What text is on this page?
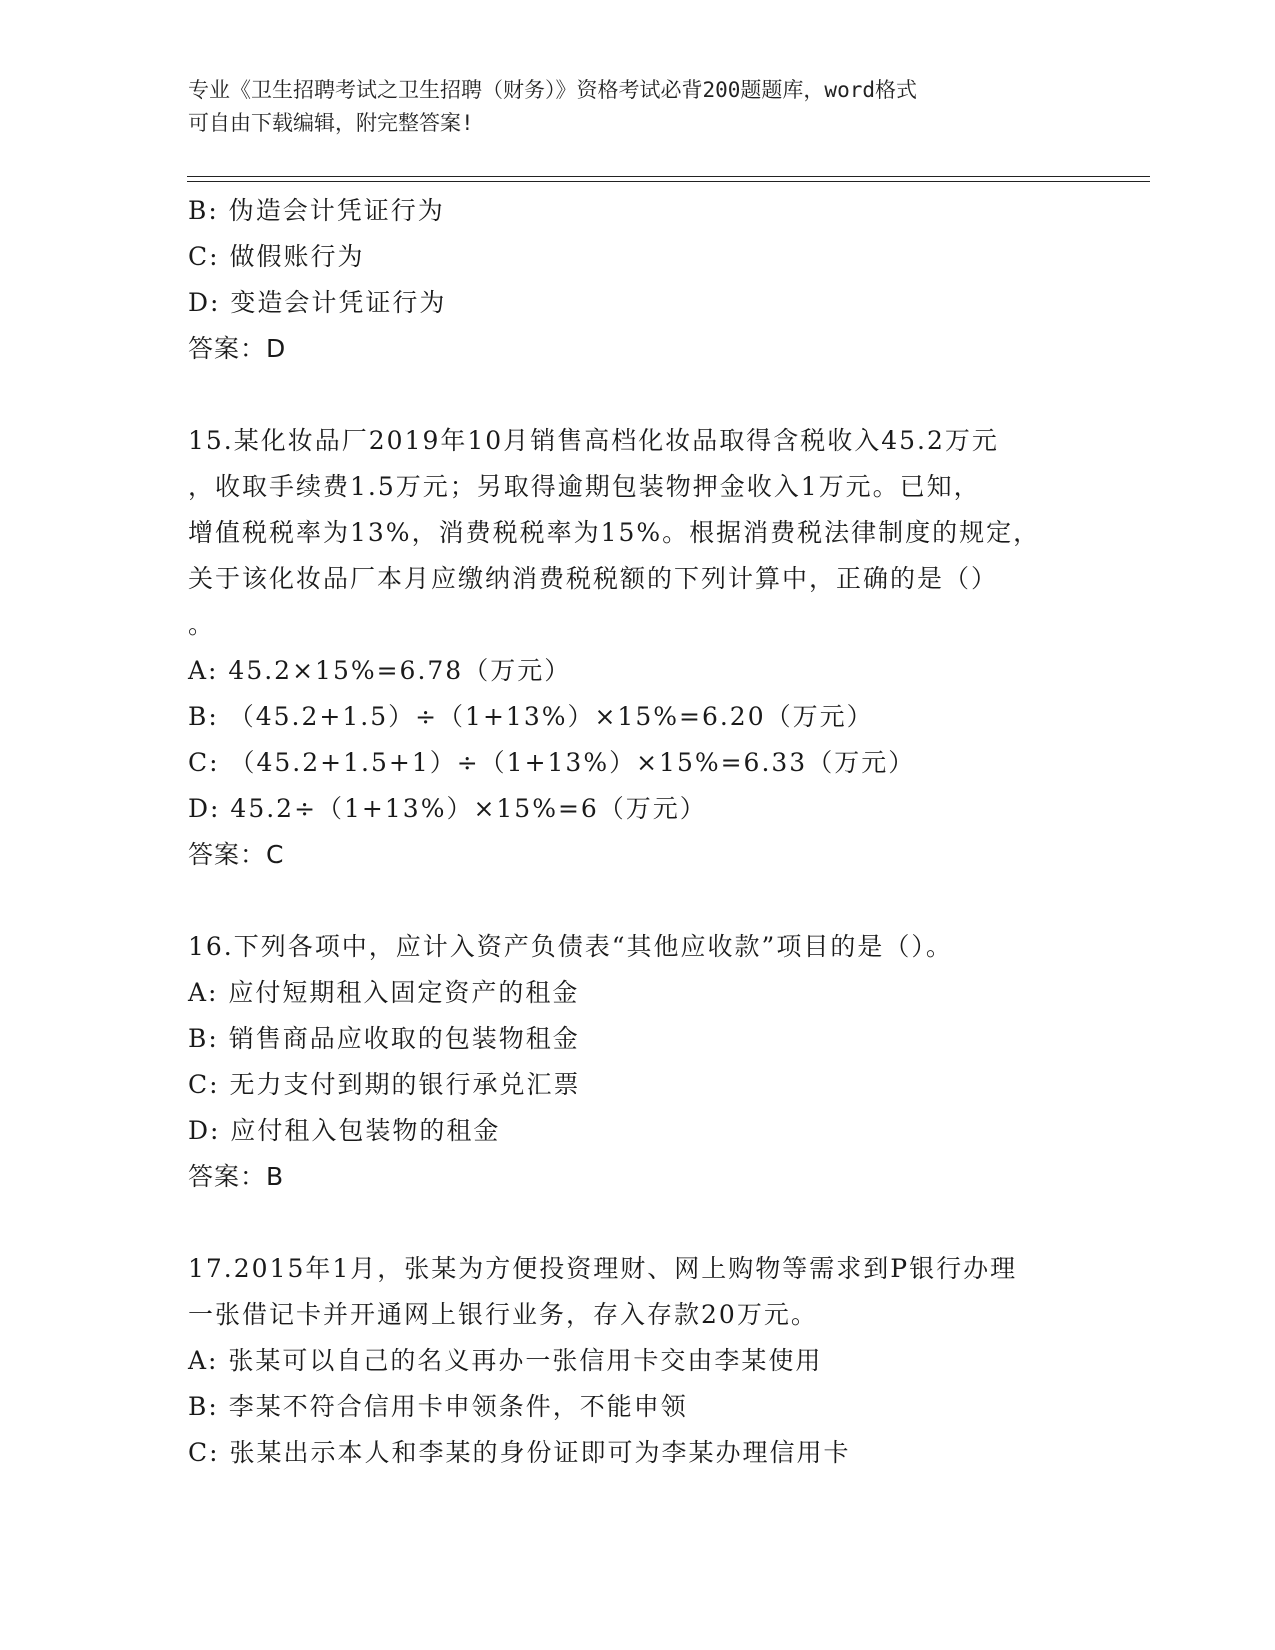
专业《卫生招聘考试之卫生招聘（财务）》资格考试必背200题题库，word格式
可自由下载编辑，附完整答案!
B: 伪造会计凭证行为
C: 做假账行为
D: 变造会计凭证行为
答案：D
15.某化妆品厂2019年10月销售高档化妆品取得含税收入45.2万元
，收取手续费1.5万元；另取得逾期包装物押金收入1万元。已知，
增值税税率为13%，消费税税率为15%。根据消费税法律制度的规定，
关于该化妆品厂本月应缴纳消费税税额的下列计算中，正确的是（）
。
A: 45.2×15%=6.78（万元）
B: （45.2+1.5）÷（1+13%）×15%=6.20（万元）
C: （45.2+1.5+1）÷（1+13%）×15%=6.33（万元）
D: 45.2÷（1+13%）×15%=6（万元）
答案：C
16.下列各项中，应计入资产负债表“其他应收款”项目的是（）。
A: 应付短期租入固定资产的租金
B: 销售商品应收取的包装物租金
C: 无力支付到期的银行承兑汇票
D: 应付租入包装物的租金
答案：B
17.2015年1月，张某为方便投资理财、网上购物等需求到P银行办理
一张借记卡并开通网上银行业务，存入存款20万元。
A: 张某可以自己的名义再办一张信用卡交由李某使用
B: 李某不符合信用卡申领条件，不能申领
C: 张某出示本人和李某的身份证即可为李某办理信用卡
